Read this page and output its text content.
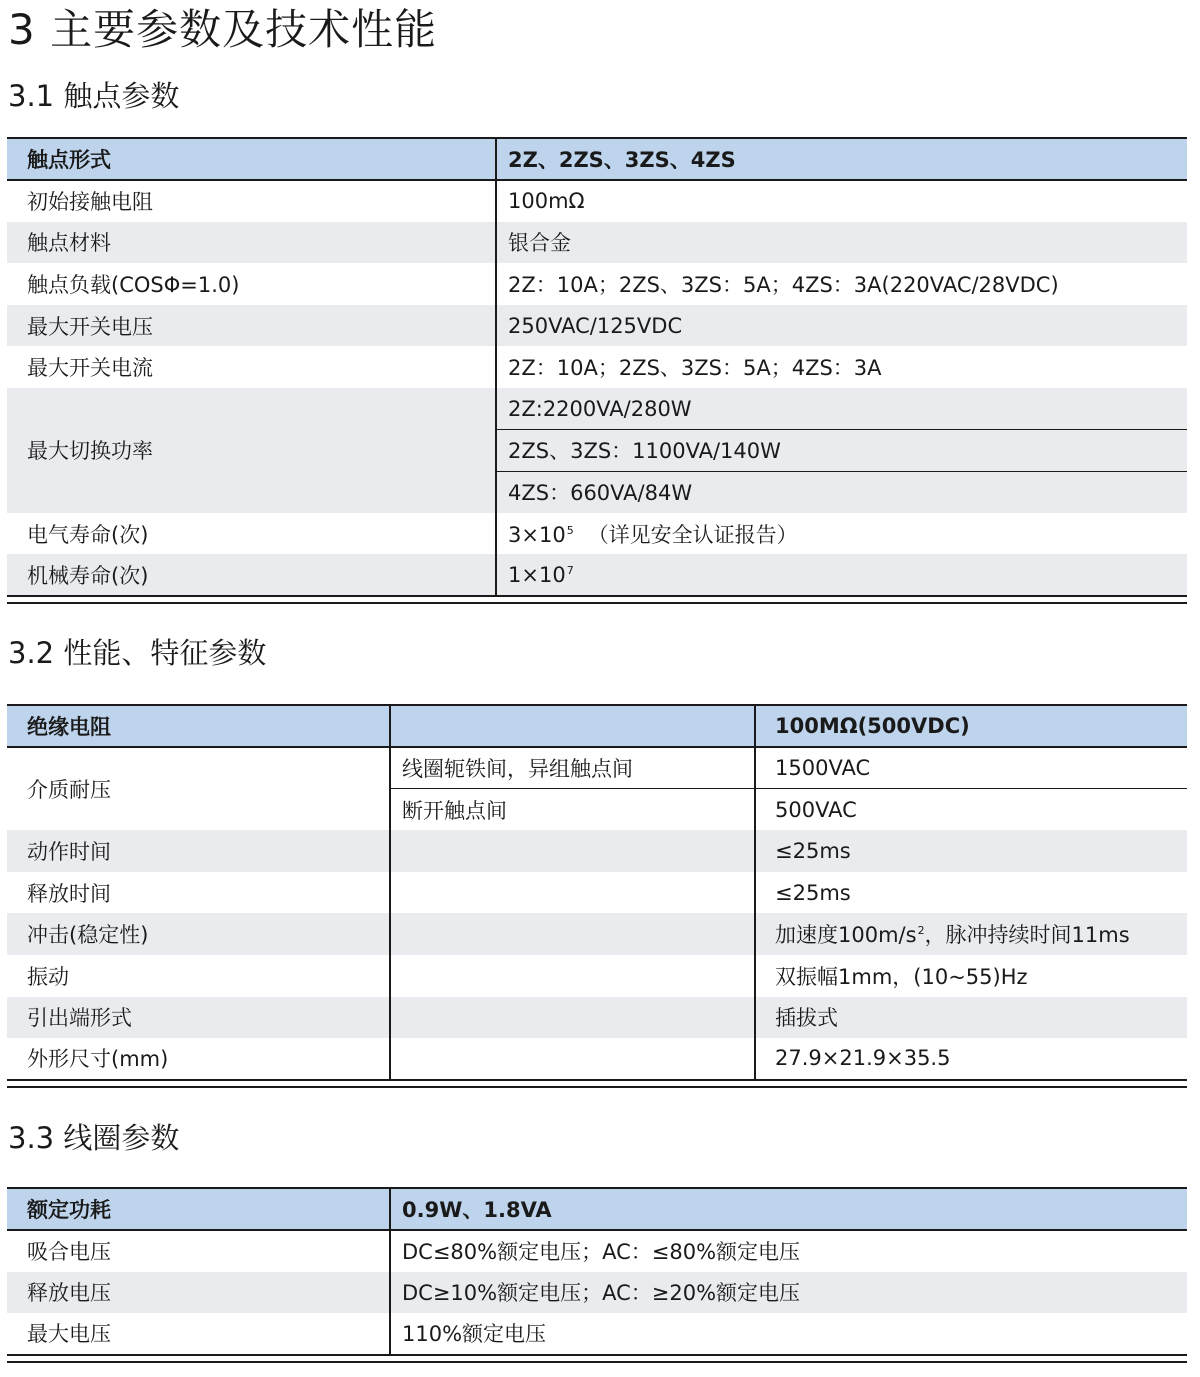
3 主要参数及技术性能
3.1 触点参数
触点形式	2Z、2ZS、3ZS、4ZS
初始接触电阻	100mΩ
触点材料	银合金
触点负载(COSΦ=1.0)	2Z：10A；2ZS、3ZS：5A；4ZS：3A(220VAC/28VDC)
最大开关电压	250VAC/125VDC
最大开关电流	2Z：10A；2ZS、3ZS：5A；4ZS：3A
最大切换功率	2Z:2200VA/280W
	2ZS、3ZS：1100VA/140W
	4ZS：660VA/84W
电气寿命(次)	$3\times 10^5$ （详见安全认证报告）
机械寿命(次)	$1\times 10^7$
3.2 性能、特征参数
绝缘电阻		100MΩ(500VDC)
介质耐压	线圈轭铁间，异组触点间	1500VAC
	断开触点间	500VAC
动作时间		≤25ms
释放时间		≤25ms
冲击(稳定性)		加速度$100m/s^2$，脉冲持续时间11ms
振动		双振幅1mm，(10~55)Hz
引出端形式		插拔式
外形尺寸(mm)		27.9×21.9×35.5
3.3 线圈参数
额定功耗	0.9W、1.8VA
吸合电压	DC≤80%额定电压；AC：≤80%额定电压
释放电压	DC≥10%额定电压；AC：≥20%额定电压
最大电压	110%额定电压
